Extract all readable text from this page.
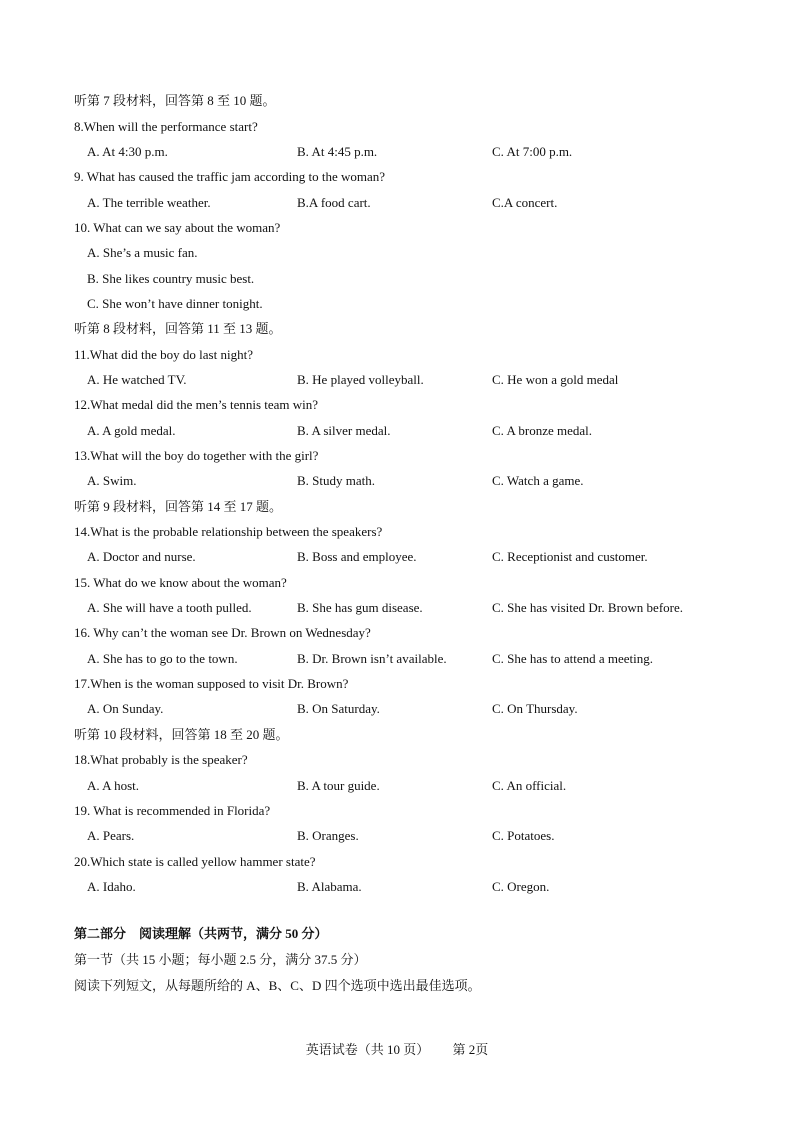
听第 7 段材料，回答第 8 至 10 题。
8.When will the performance start?
A. At 4:30 p.m.	B. At 4:45 p.m.	C. At 7:00 p.m.
9. What has caused the traffic jam according to the woman?
A. The terrible weather.	B.A food cart.	C.A concert.
10. What can we say about the woman?
A. She’s a music fan.
B. She likes country music best.
C. She won’t have dinner tonight.
听第 8 段材料，回答第 11 至 13 题。
11.What did the boy do last night?
A. He watched TV.	B. He played volleyball.	C. He won a gold medal
12.What medal did the men’s tennis team win?
A. A gold medal.	B. A silver medal.	C. A bronze medal.
13.What will the boy do together with the girl?
A. Swim.	B. Study math.	C. Watch a game.
听第 9 段材料，回答第 14 至 17 题。
14.What is the probable relationship between the speakers?
A. Doctor and nurse.	B. Boss and employee.	C. Receptionist and customer.
15. What do we know about the woman?
A. She will have a tooth pulled.	B. She has gum disease.	C. She has visited Dr. Brown before.
16. Why can’t the woman see Dr. Brown on Wednesday?
A. She has to go to the town.	B. Dr. Brown isn’t available.	C. She has to attend a meeting.
17.When is the woman supposed to visit Dr. Brown?
A. On Sunday.	B. On Saturday.	C. On Thursday.
听第 10 段材料，回答第 18 至 20 题。
18.What probably is the speaker?
A. A host.	B. A tour guide.	C. An official.
19. What is recommended in Florida?
A. Pears.	B. Oranges.	C. Potatoes.
20.Which state is called yellow hammer state?
A. Idaho.	B. Alabama.	C. Oregon.
第二部分　阅读理解（共两节，满分 50 分）
第一节（共 15 小题；每小题 2.5 分，满分 37.5 分）
阅读下列短文，从每题所给的 A、B、C、D 四个选项中选出最佳选项。
英语试卷（共 10 页） 第 2页
